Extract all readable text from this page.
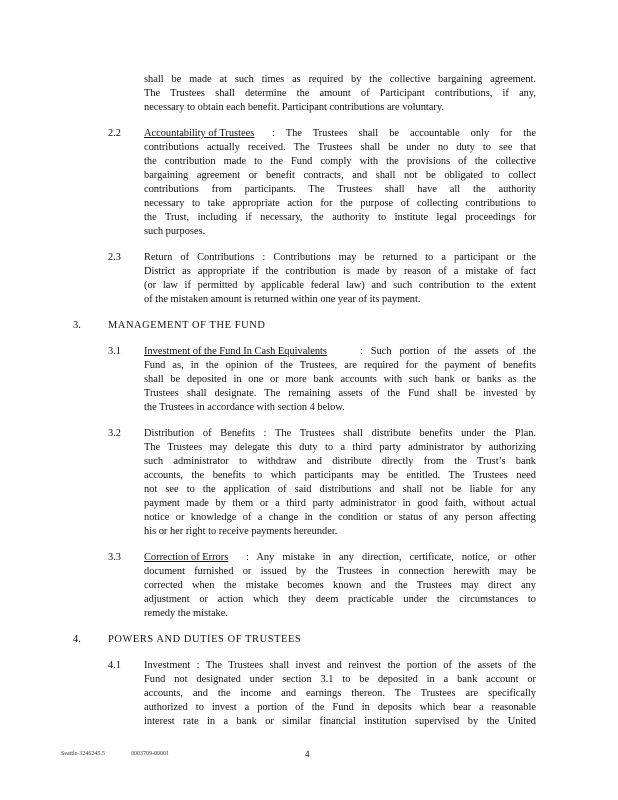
shall be made at such times as required by the collective bargaining agreement.
The Trustees shall determine the amount of Participant contributions, if any,
necessary to obtain each benefit. Participant contributions are voluntary.
2.2 Accountability of Trustees : The Trustees shall be accountable only for the
contributions actually received. The Trustees shall be under no duty to see that
the contribution made to the Fund comply with the provisions of the collective
bargaining agreement or benefit contracts, and shall not be obligated to collect
contributions from participants. The Trustees shall have all the authority
necessary to take appropriate action for the purpose of collecting contributions to
the Trust, including if necessary, the authority to institute legal proceedings for
such purposes.
2.3 Return of Contributions : Contributions may be returned to a participant or the
District as appropriate if the contribution is made by reason of a mistake of fact
(or law if permitted by applicable federal law) and such contribution to the extent
of the mistaken amount is returned within one year of its payment.
3.	MANAGEMENT OF THE FUND
3.1 Investment of the Fund In Cash Equivalents	: Such portion of the assets of the
Fund as, in the opinion of the Trustees, are required for the payment of benefits
shall be deposited in one or more bank accounts with such bank or banks as the
Trustees shall designate. The remaining assets of the Fund shall be invested by
the Trustees in accordance with section 4 below.
3.2 Distribution of Benefits : The Trustees shall distribute benefits under the Plan.
The Trustees may delegate this duty to a third party administrator by authorizing
such administrator to withdraw and distribute directly from the Trust’s bank
accounts, the benefits to which participants may be entitled. The Trustees need
not see to the application of said distributions and shall not be liable for any
payment made by them or a third party administrator in good faith, without actual
notice or knowledge of a change in the condition or status of any person affecting
his or her right to receive payments hereunder.
3.3 Correction of Errors : Any mistake in any direction, certificate, notice, or other
document furnished or issued by the Trustees in connection herewith may be
corrected when the mistake becomes known and the Trustees may direct any
adjustment or action which they deem practicable under the circumstances to
remedy the mistake.
4.	POWERS AND DUTIES OF TRUSTEES
4.1 Investment : The Trustees shall invest and reinvest the portion of the assets of the
Fund not designated under section 3.1 to be deposited in a bank account or
accounts, and the income and earnings thereon. The Trustees are specifically
authorized to invest a portion of the Fund in deposits which bear a reasonable
interest rate in a bank or similar financial institution supervised by the United
Seattle-3246245.5	0003709-00001	4
